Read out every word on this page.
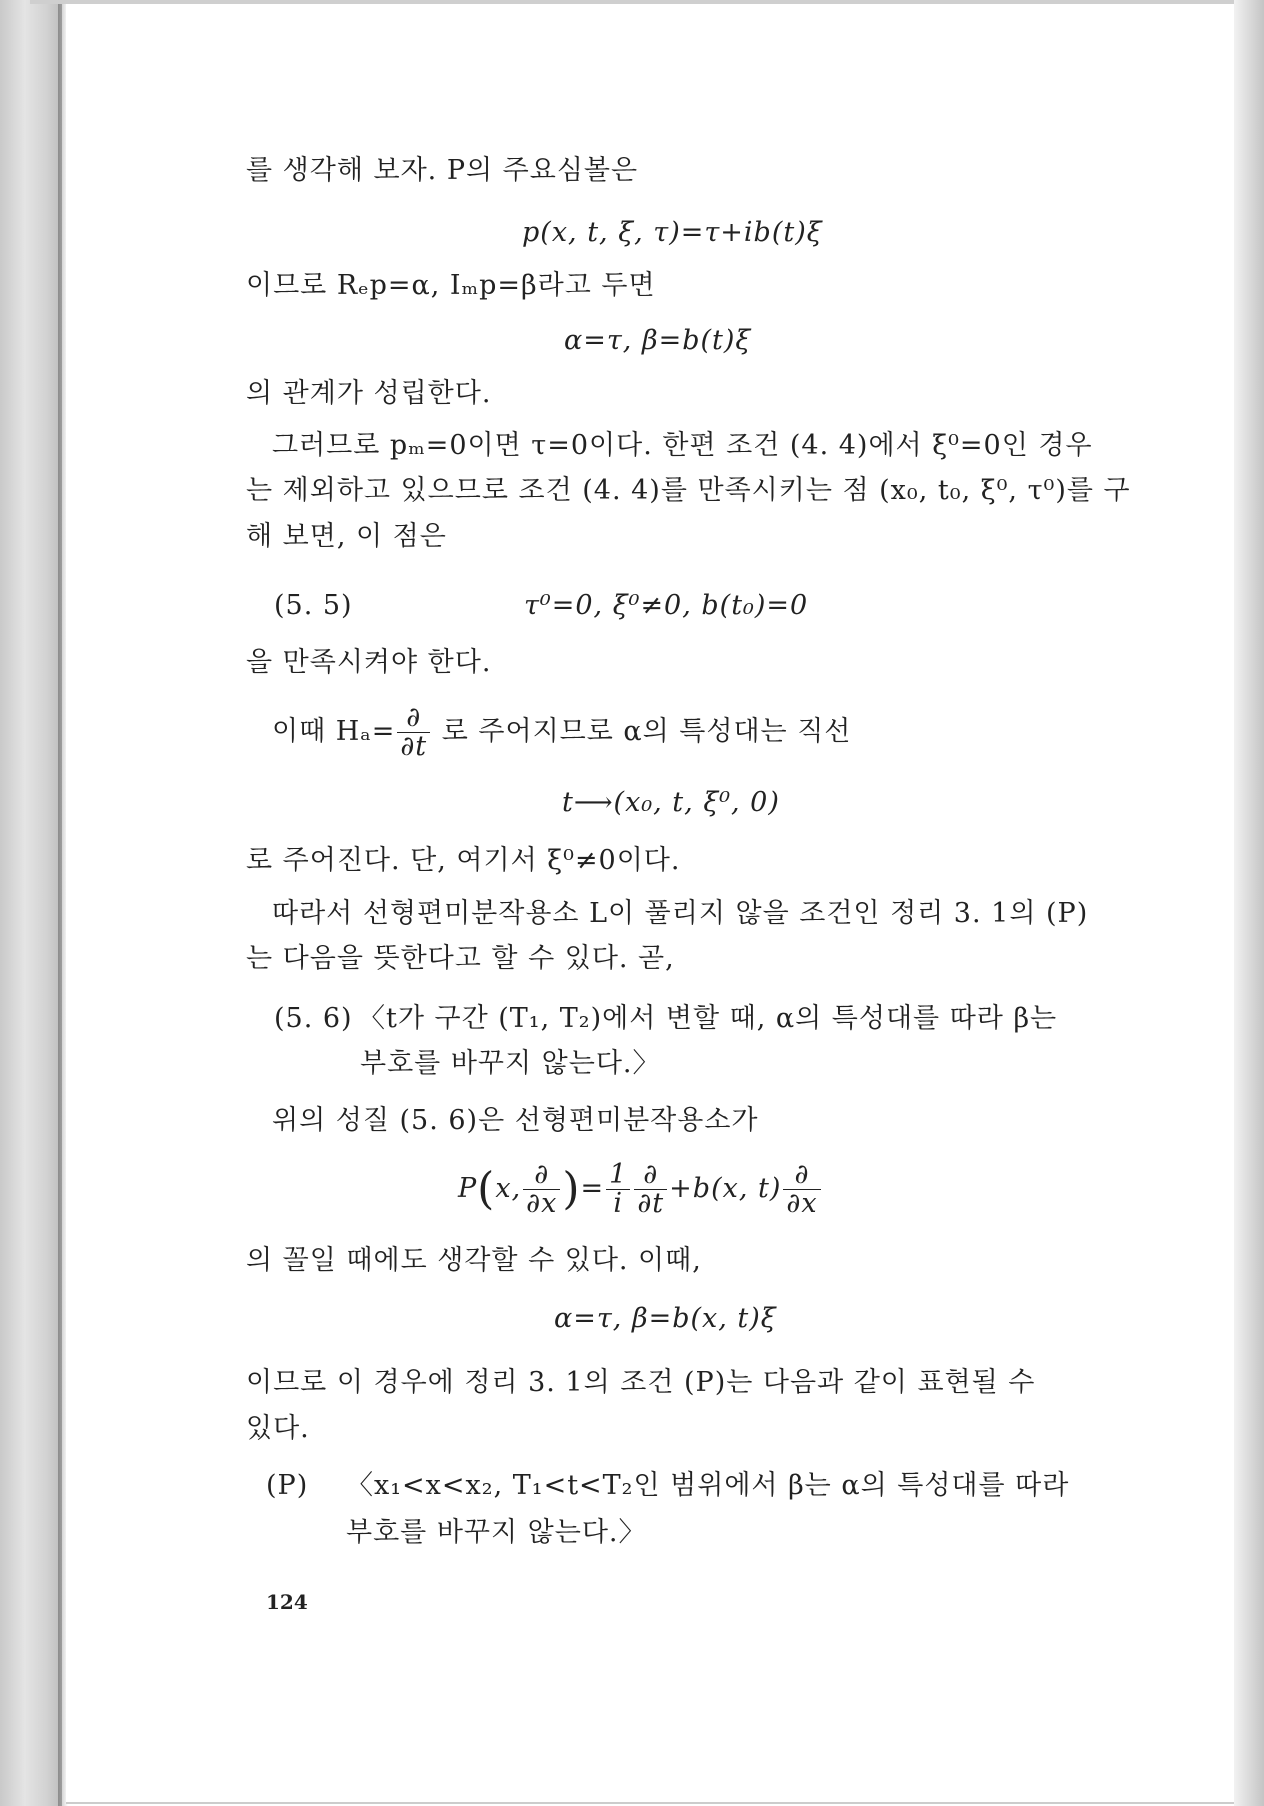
를 생각해 보자. P의 주요심볼은
p(x, t, ξ, τ)=τ+ib(t)ξ
이므로 Rₑp=α, Iₘp=β라고 두면
α=τ, β=b(t)ξ
의 관계가 성립한다.
그러므로 pₘ=0이면 τ=0이다. 한편 조건 (4. 4)에서 ξ⁰=0인 경우
는 제외하고 있으므로 조건 (4. 4)를 만족시키는 점 (x₀, t₀, ξ⁰, τ⁰)를 구
해 보면, 이 점은
(5. 5)	τ⁰=0, ξ⁰≠0, b(t₀)=0
을 만족시켜야 한다.
이때 $H_a= \frac{\partial}{\partial t}$ 로 주어지므로 α의 특성대는 직선
t⟶(x₀, t, ξ⁰, 0)
로 주어진다. 단, 여기서 ξ⁰≠0이다.
따라서 선형편미분작용소 L이 풀리지 않을 조건인 정리 3. 1의 (P)
는 다음을 뜻한다고 할 수 있다. 곧,
(5. 6) 〈t가 구간 (T₁, T₂)에서 변할 때, α의 특성대를 따라 β는
부호를 바꾸지 않는다.〉
위의 성질 (5. 6)은 선형편미분작용소가
P(x, $\frac{\partial}{\partial x}$ )= $\frac{1}{i} \frac{\partial}{\partial t} +b(x$, $t) \frac{\partial}{\partial x}$
의 꼴일 때에도 생각할 수 있다. 이때,
α=τ, β=b(x, t)ξ
이므로 이 경우에 정리 3. 1의 조건 (P)는 다음과 같이 표현될 수
있다.
(P) 〈x₁<x<x₂, T₁<t<T₂인 범위에서 β는 α의 특성대를 따라
부호를 바꾸지 않는다.〉
124
